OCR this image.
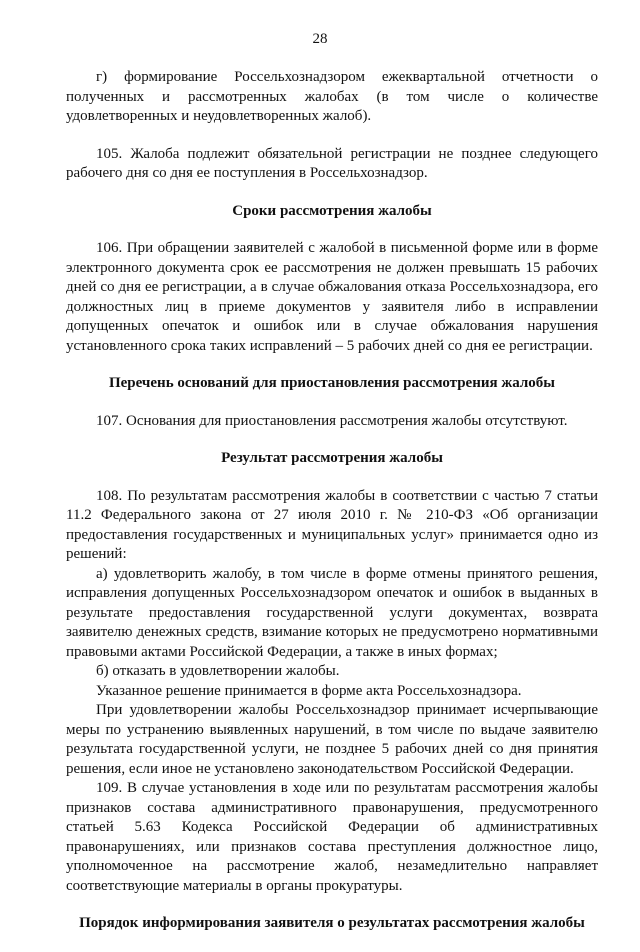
28

г) формирование Россельхознадзором ежеквартальной отчетности о полученных и рассмотренных жалобах (в том числе о количестве удовлетворенных и неудовлетворенных жалоб).

105. Жалоба подлежит обязательной регистрации не позднее следующего рабочего дня со дня ее поступления в Россельхознадзор.

Сроки рассмотрения жалобы

106. При обращении заявителей с жалобой в письменной форме или в форме электронного документа срок ее рассмотрения не должен превышать 15 рабочих дней со дня ее регистрации, а в случае обжалования отказа Россельхознадзора, его должностных лиц в приеме документов у заявителя либо в исправлении допущенных опечаток и ошибок или в случае обжалования нарушения установленного срока таких исправлений – 5 рабочих дней со дня ее регистрации.

Перечень оснований для приостановления рассмотрения жалобы

107. Основания для приостановления рассмотрения жалобы отсутствуют.

Результат рассмотрения жалобы

108. По результатам рассмотрения жалобы в соответствии с частью 7 статьи 11.2 Федерального закона от 27 июля 2010 г. № 210-ФЗ «Об организации предоставления государственных и муниципальных услуг» принимается одно из решений:

а) удовлетворить жалобу, в том числе в форме отмены принятого решения, исправления допущенных Россельхознадзором опечаток и ошибок в выданных в результате предоставления государственной услуги документах, возврата заявителю денежных средств, взимание которых не предусмотрено нормативными правовыми актами Российской Федерации, а также в иных формах;

б) отказать в удовлетворении жалобы.

Указанное решение принимается в форме акта Россельхознадзора.

При удовлетворении жалобы Россельхознадзор принимает исчерпывающие меры по устранению выявленных нарушений, в том числе по выдаче заявителю результата государственной услуги, не позднее 5 рабочих дней со дня принятия решения, если иное не установлено законодательством Российской Федерации.

109. В случае установления в ходе или по результатам рассмотрения жалобы признаков состава административного правонарушения, предусмотренного статьей 5.63 Кодекса Российской Федерации об административных правонарушениях, или признаков состава преступления должностное лицо, уполномоченное на рассмотрение жалоб, незамедлительно направляет соответствующие материалы в органы прокуратуры.

Порядок информирования заявителя о результатах рассмотрения жалобы
